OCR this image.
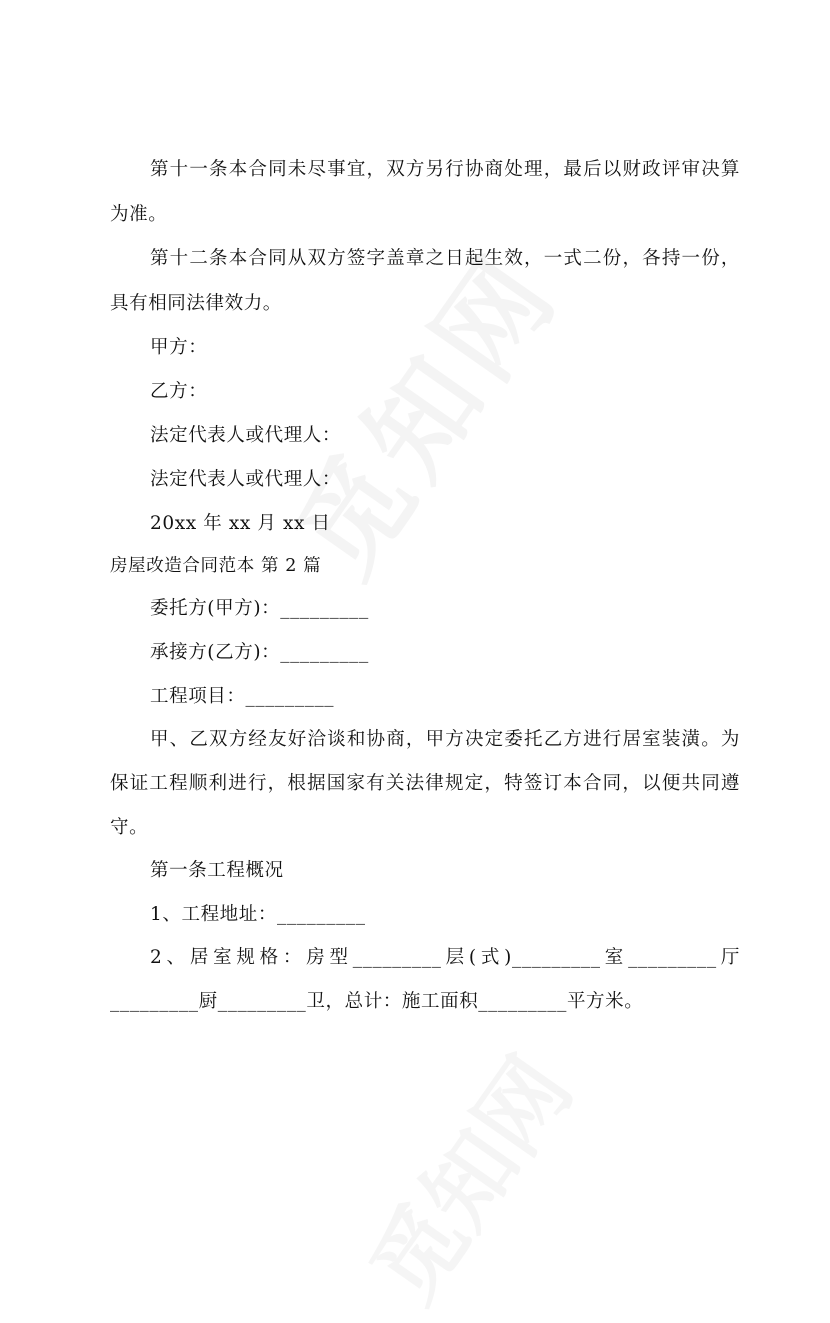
第十一条本合同未尽事宜，双方另行协商处理，最后以财政评审决算
为准。
第十二条本合同从双方签字盖章之日起生效，一式二份，各持一份，
具有相同法律效力。
甲方：
乙方：
法定代表人或代理人：
法定代表人或代理人：
20xx 年 xx 月 xx 日
房屋改造合同范本 第 2 篇
委托方(甲方)：_________
承接方(乙方)：_________
工程项目：_________
甲、乙双方经友好洽谈和协商，甲方决定委托乙方进行居室装潢。为
保证工程顺利进行，根据国家有关法律规定，特签订本合同，以便共同遵
守。
第一条工程概况
1、工程地址：_________
2、居室规格：房型_________层(式)_________室_________厅
_________厨_________卫，总计：施工面积_________平方米。
